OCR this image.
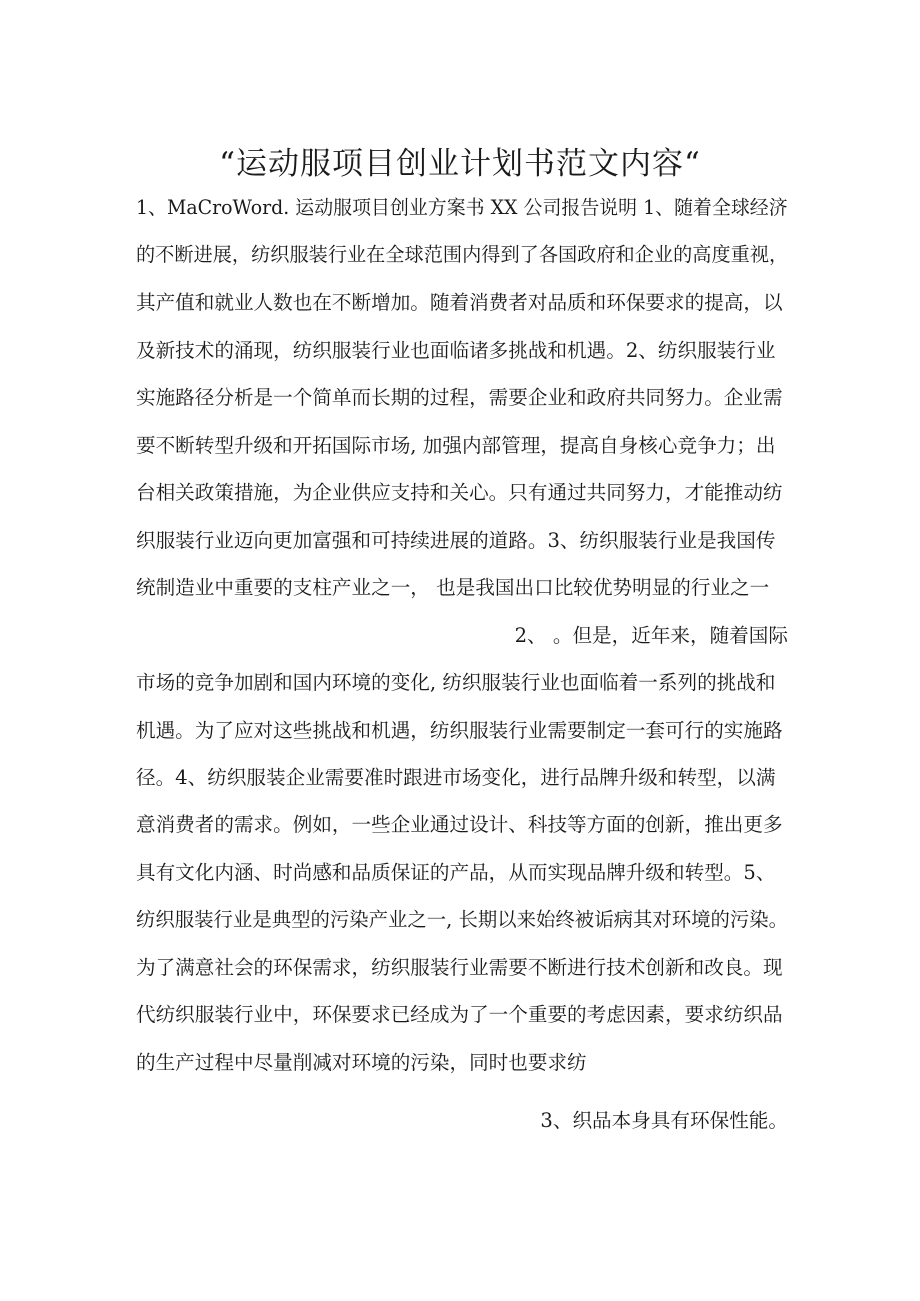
“运动服项目创业计划书范文内容“
1、MaCroWord. 运动服项目创业方案书 XX 公司报告说明 1、随着全球经济
的不断进展，纺织服装行业在全球范围内得到了各国政府和企业的高度重视，
其产值和就业人数也在不断增加。随着消费者对品质和环保要求的提高，以
及新技术的涌现，纺织服装行业也面临诸多挑战和机遇。2、纺织服装行业
实施路径分析是一个简单而长期的过程，需要企业和政府共同努力。企业需
要不断转型升级和开拓国际市场, 加强内部管理，提高自身核心竞争力；出
台相关政策措施，为企业供应支持和关心。只有通过共同努力，才能推动纺
织服装行业迈向更加富强和可持续进展的道路。3、纺织服装行业是我国传
统制造业中重要的支柱产业之一， 也是我国出口比较优势明显的行业之一
2、 。但是，近年来，随着国际
市场的竞争加剧和国内环境的变化, 纺织服装行业也面临着一系列的挑战和
机遇。为了应对这些挑战和机遇，纺织服装行业需要制定一套可行的实施路
径。4、纺织服装企业需要准时跟进市场变化，进行品牌升级和转型，以满
意消费者的需求。例如，一些企业通过设计、科技等方面的创新，推出更多
具有文化内涵、时尚感和品质保证的产品，从而实现品牌升级和转型。5、
纺织服装行业是典型的污染产业之一, 长期以来始终被诟病其对环境的污染。
为了满意社会的环保需求，纺织服装行业需要不断进行技术创新和改良。现
代纺织服装行业中，环保要求已经成为了一个重要的考虑因素，要求纺织品
的生产过程中尽量削减对环境的污染，同时也要求纺
3、织品本身具有环保性能。
